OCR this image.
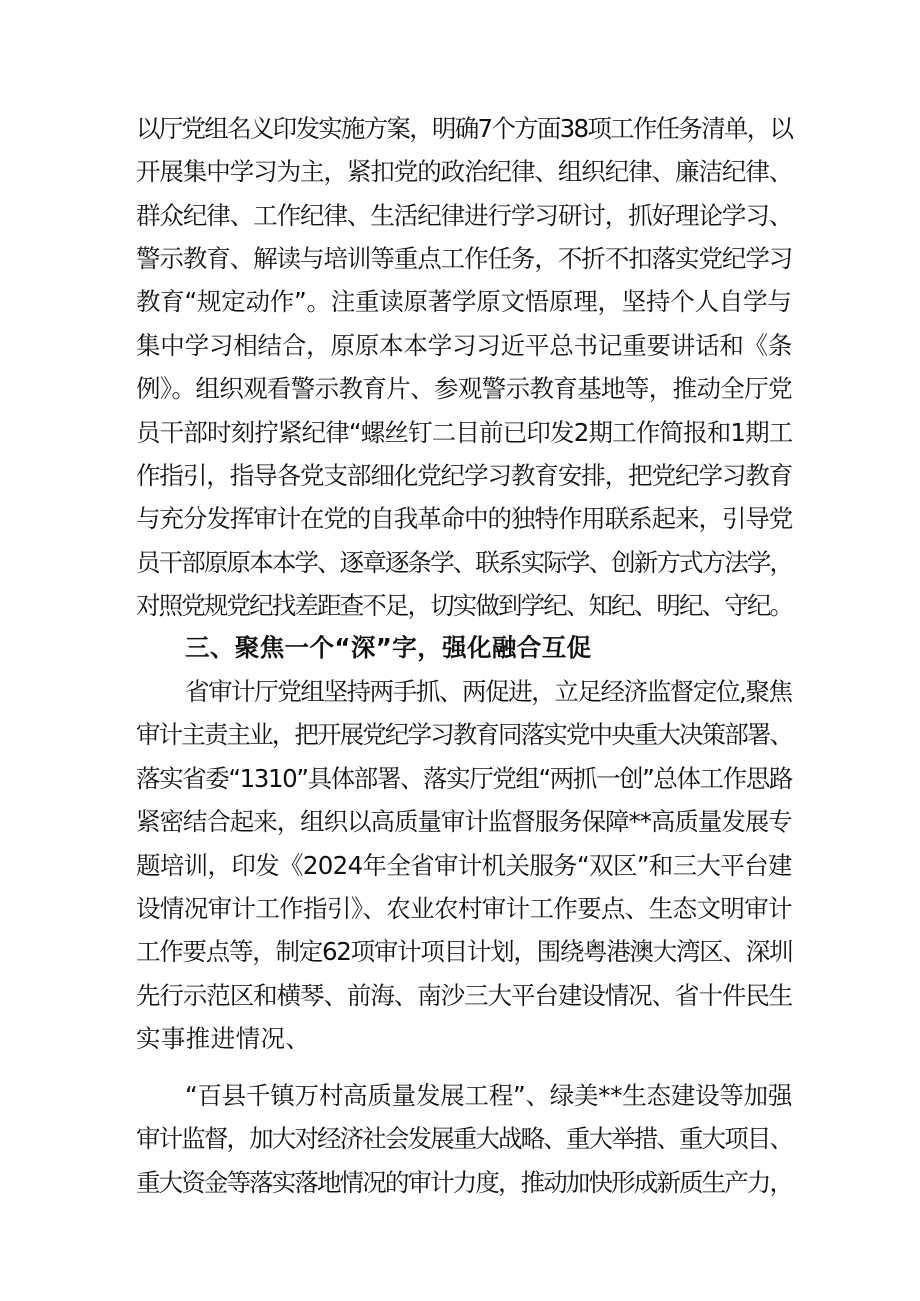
以厅党组名义印发实施方案，明确7个方面38项工作任务清单，以
开展集中学习为主，紧扣党的政治纪律、组织纪律、廉洁纪律、
群众纪律、工作纪律、生活纪律进行学习研讨，抓好理论学习、
警示教育、解读与培训等重点工作任务，不折不扣落实党纪学习
教育“规定动作”。注重读原著学原文悟原理，坚持个人自学与
集中学习相结合，原原本本学习习近平总书记重要讲话和《条
例》。组织观看警示教育片、参观警示教育基地等，推动全厅党
员干部时刻拧紧纪律“螺丝钉二目前已印发2期工作简报和1期工
作指引，指导各党支部细化党纪学习教育安排，把党纪学习教育
与充分发挥审计在党的自我革命中的独特作用联系起来，引导党
员干部原原本本学、逐章逐条学、联系实际学、创新方式方法学，
对照党规党纪找差距查不足，切实做到学纪、知纪、明纪、守纪。
三、聚焦一个“深”字，强化融合互促
省审计厅党组坚持两手抓、两促进，立足经济监督定位,聚焦
审计主责主业，把开展党纪学习教育同落实党中央重大决策部署、
落实省委“1310”具体部署、落实厅党组“两抓一创”总体工作思路
紧密结合起来，组织以高质量审计监督服务保障**高质量发展专
题培训，印发《2024年全省审计机关服务“双区”和三大平台建
设情况审计工作指引》、农业农村审计工作要点、生态文明审计
工作要点等，制定62项审计项目计划，围绕粤港澳大湾区、深圳
先行示范区和横琴、前海、南沙三大平台建设情况、省十件民生
实事推进情况、
“百县千镇万村高质量发展工程”、绿美**生态建设等加强
审计监督，加大对经济社会发展重大战略、重大举措、重大项目、
重大资金等落实落地情况的审计力度，推动加快形成新质生产力，
